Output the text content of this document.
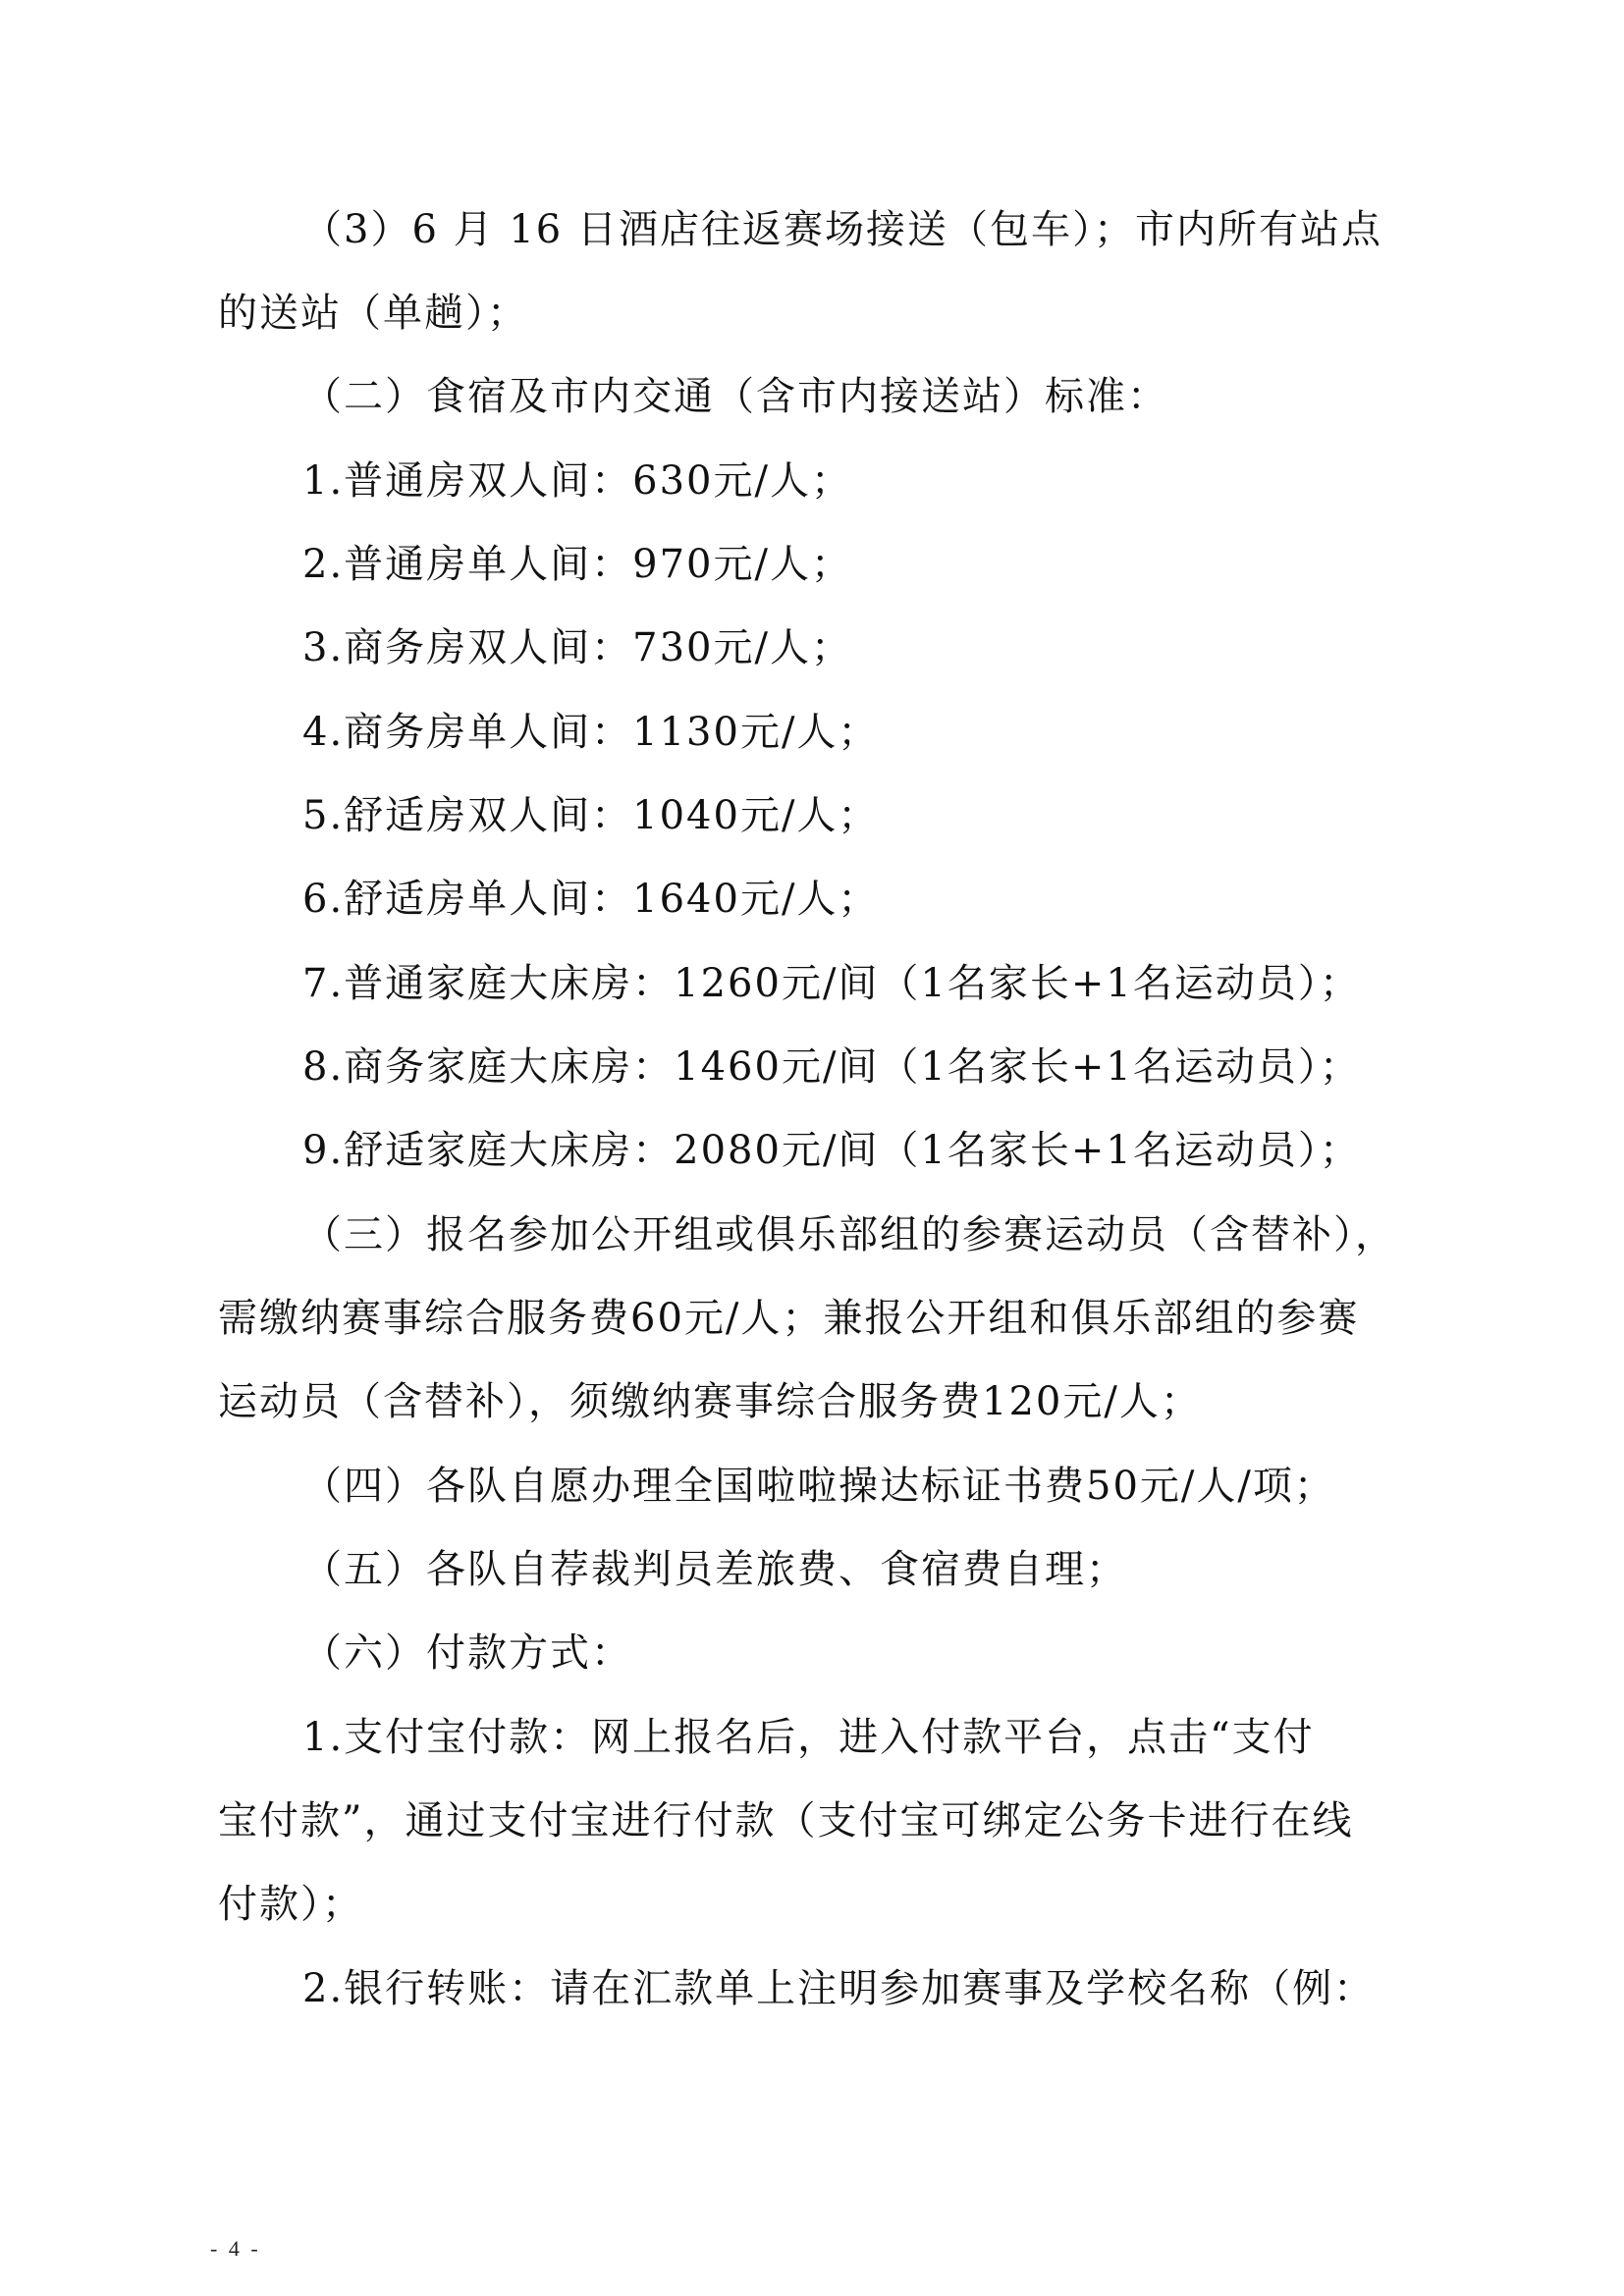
（3）6 月 16 日酒店往返赛场接送（包车）；市内所有站点
的送站（单趟）；
（二）食宿及市内交通（含市内接送站）标准：
1.普通房双人间：630元/人；
2.普通房单人间：970元/人；
3.商务房双人间：730元/人；
4.商务房单人间：1130元/人；
5.舒适房双人间：1040元/人；
6.舒适房单人间：1640元/人；
7.普通家庭大床房：1260元/间（1名家长+1名运动员）；
8.商务家庭大床房：1460元/间（1名家长+1名运动员）；
9.舒适家庭大床房：2080元/间（1名家长+1名运动员）；
（三）报名参加公开组或俱乐部组的参赛运动员（含替补），
需缴纳赛事综合服务费60元/人；兼报公开组和俱乐部组的参赛
运动员（含替补），须缴纳赛事综合服务费120元/人；
（四）各队自愿办理全国啦啦操达标证书费50元/人/项；
（五）各队自荐裁判员差旅费、食宿费自理；
（六）付款方式：
1.支付宝付款：网上报名后，进入付款平台，点击“支付
宝付款”，通过支付宝进行付款（支付宝可绑定公务卡进行在线
付款）；
2.银行转账：请在汇款单上注明参加赛事及学校名称（例：
- 4 -
